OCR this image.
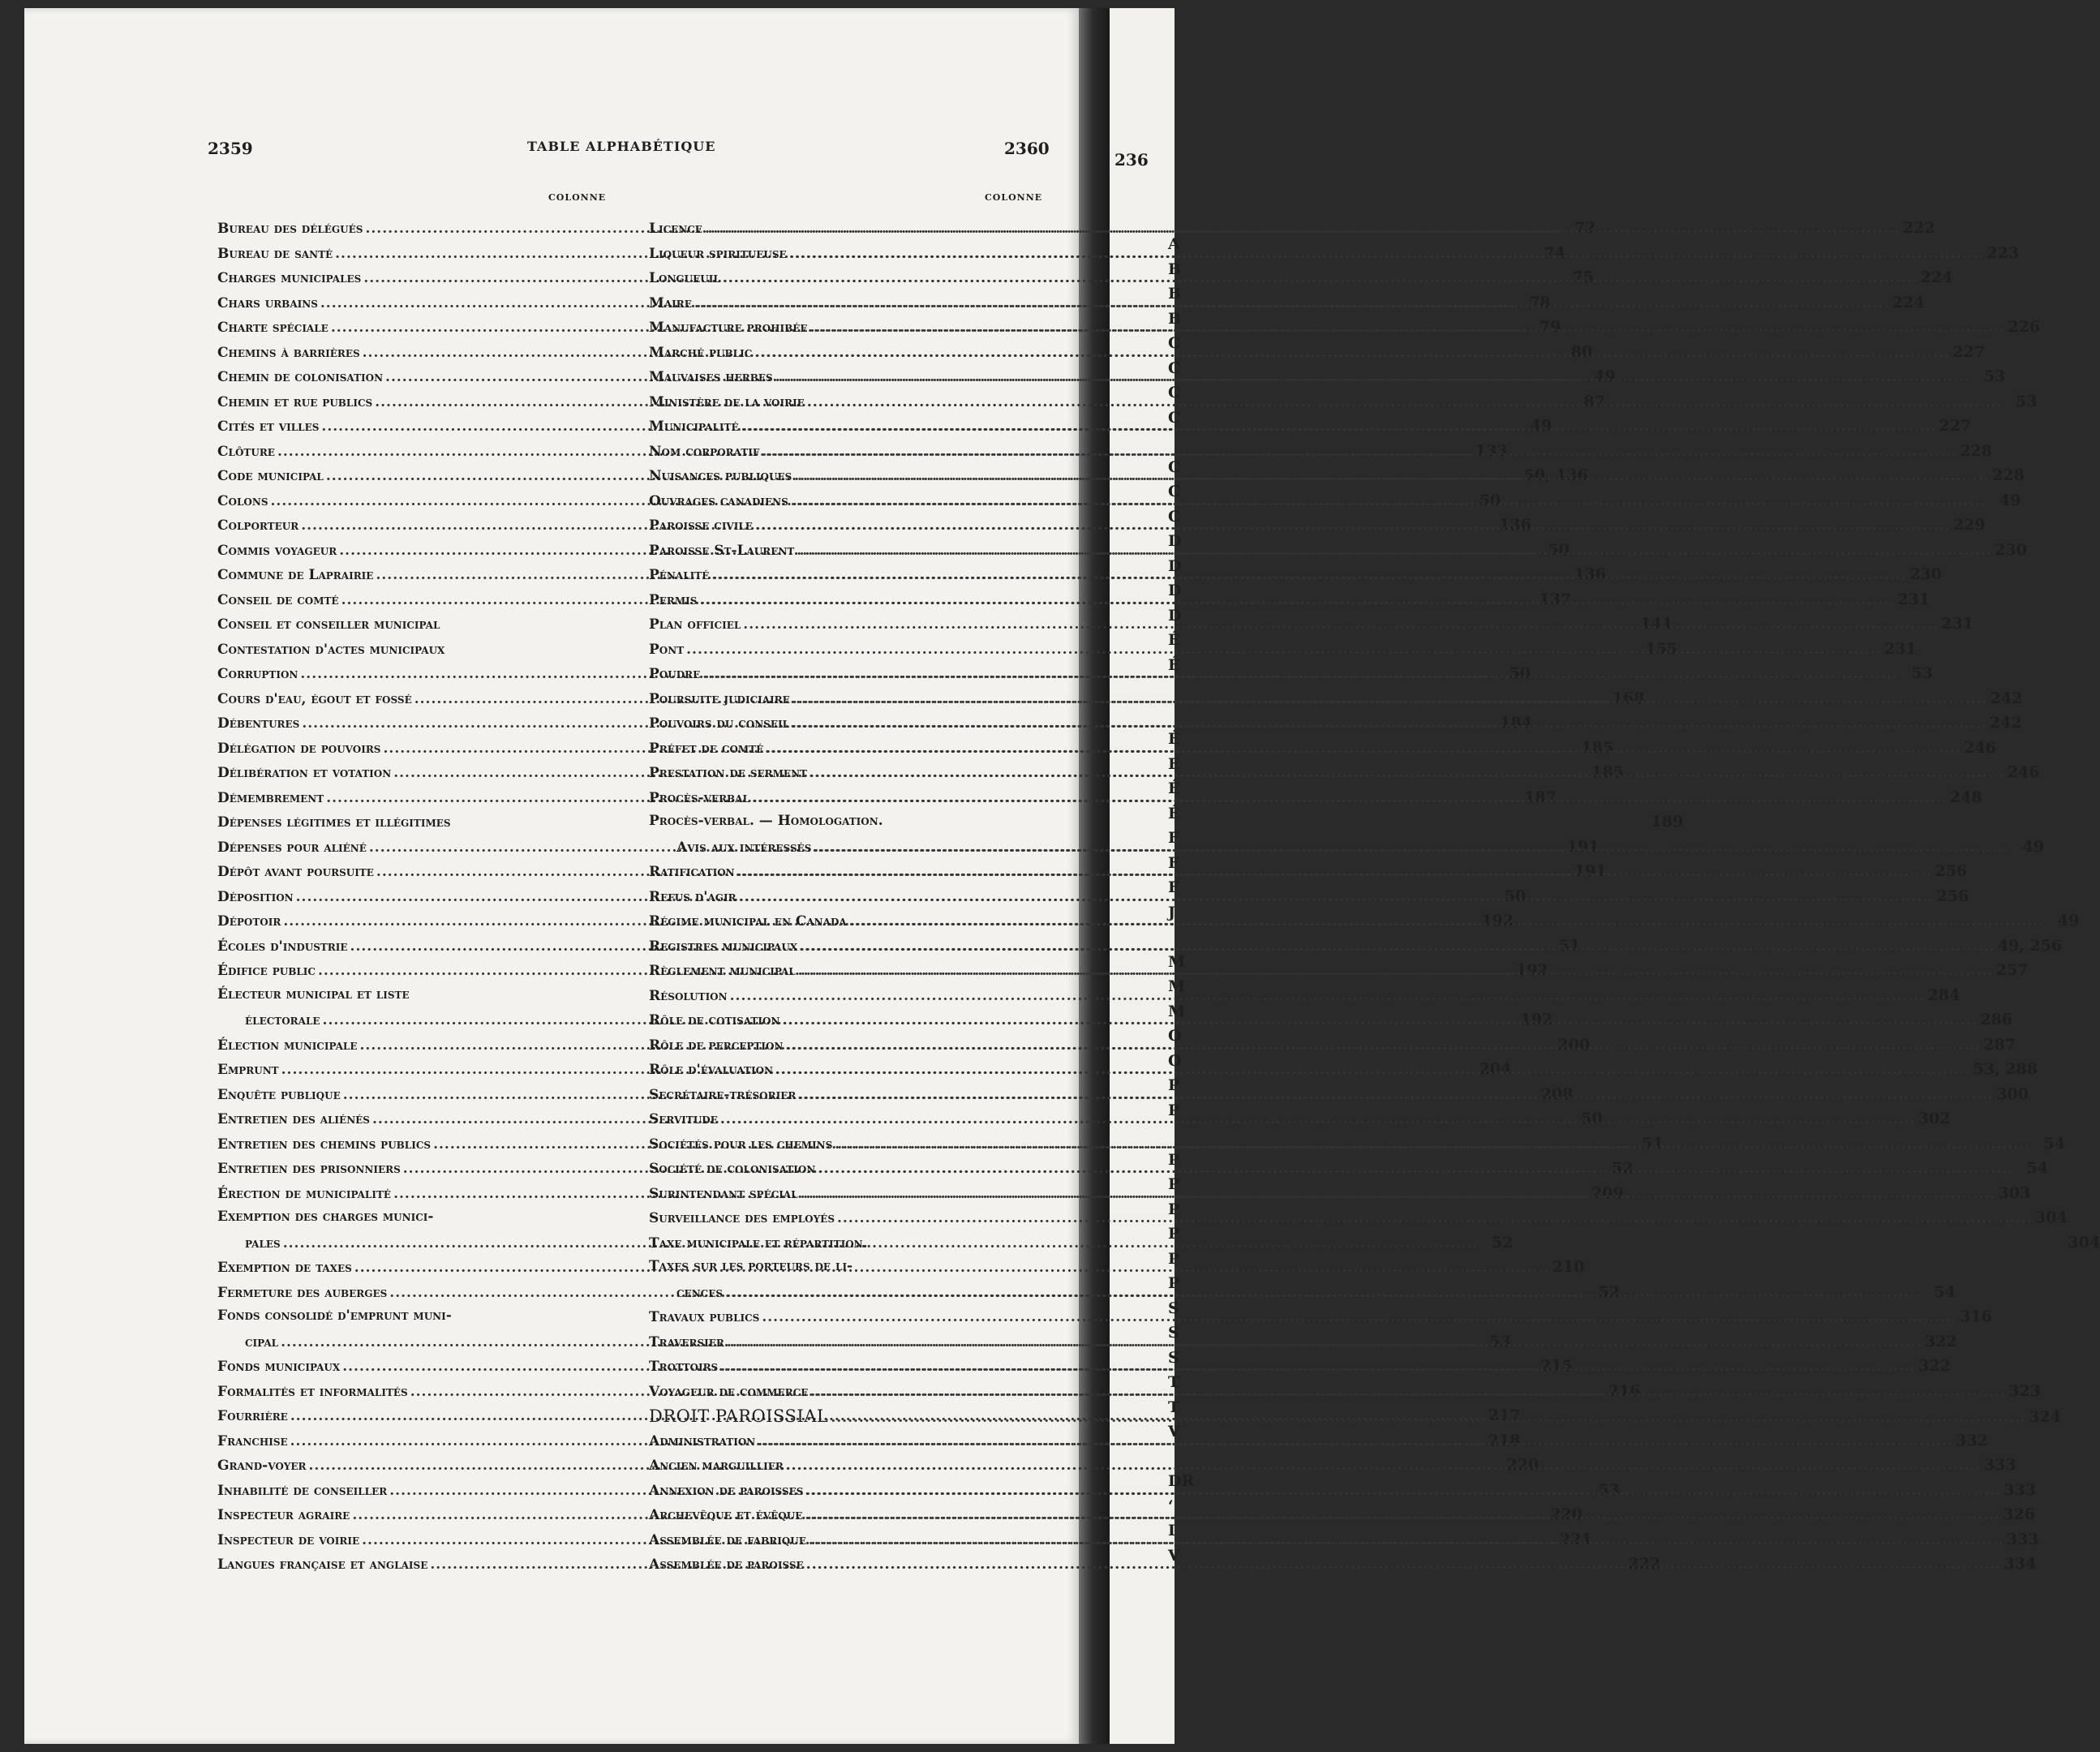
236
A
B
B
B
C
C
C
C
C
C
C
D
D
D
D
É
É
É
E
É
É
F
F
F
J
M
M
M
O
O
P
P
P
P
P
P
P
P
S
S
S
T
T
V
DR
‘
I
V
2359	TABLE ALPHABÉTIQUE	2360
COLONNE	COLONNE
Bureau des délégués .....	72
Bureau de santé .....	74
Charges municipales .....	75
Chars urbains .....	78
Charte spéciale .....	79
Chemins à barrières .....	80
Chemin de colonisation .....	49
Chemin et rue publics .....	87
Cités et villes .....	49
Clôture .....	133
Code municipal .....	50, 136
Colons .....	50
Colporteur .....	136
Commis voyageur .....	50
Commune de Laprairie .....	136
Conseil de comté .....	137
Conseil et conseiller municipal	141
Contestation d'actes municipaux	155
Corruption .....	50
Cours d'eau, égout et fossé .....	168
Débentures .....	184
Délégation de pouvoirs .....	185
Délibération et votation .....	185
Démembrement .....	187
Dépenses légitimes et illégitimes	189
Dépenses pour aliéné .....	191
Dépôt avant poursuite .....	191
Déposition .....	50
Dépotoir .....	192
Écoles d'industrie .....	51
Édifice public .....	192
Électeur municipal et liste
électorale .....	192
Élection municipale .....	200
Emprunt .....	204
Enquête publique .....	208
Entretien des aliénés .....	50
Entretien des chemins publics .....	51
Entretien des prisonniers .....	52
Érection de municipalité .....	209
Exemption des charges munici-
pales .....	52
Exemption de taxes .....	210
Fermeture des auberges .....	52
Fonds consolidé d'emprunt muni-
cipal .....	53
Fonds municipaux .....	215
Formalités et informalités .....	216
Fourrière .....	217
Franchise .....	218
Grand-voyer .....	220
Inhabilité de conseiller .....	53
Inspecteur agraire .....	220
Inspecteur de voirie .....	221
Langues française et anglaise .....	222
Licence .....	222
Liqueur spiritueuse .....	223
Longueuil .....	224
Maire .....	224
Manufacture prohibée .....	226
Marché public .....	227
Mauvaises herbes .....	53
Ministère de la voirie .....	53
Municipalité .....	227
Nom corporatif .....	228
Nuisances publiques .....	228
Ouvrages canadiens .....	49
Paroisse civile .....	229
Paroisse St-Laurent .....	230
Pénalité .....	230
Permis .....	231
Plan officiel .....	231
Pont .....	231
Poudre .....	53
Poursuite judiciaire .....	242
Pouvoirs du conseil .....	242
Préfet de comté .....	246
Prestation de serment .....	246
Procès-verbal .....	248
Procès-verbal. — Homologation.
Avis aux intéressés .....	49
Ratification .....	256
Refus d'agir .....	256
Régime municipal en Canada .....	49
Registres municipaux .....	49, 256
Règlement municipal .....	257
Résolution .....	284
Rôle de cotisation .....	286
Rôle de perception .....	287
Rôle d'évaluation .....	53, 288
Secrétaire-trésorier .....	300
Servitude .....	302
Sociétés pour les chemins .....	54
Société de colonisation .....	54
Surintendant spécial .....	303
Surveillance des employés .....	304
Taxe municipale et répartition.	304
Taxes sur les porteurs de li-
cences .....	54
Travaux publics .....	316
Traversier .....	322
Trottoirs .....	322
Voyageur de commerce .....	323
DROIT PAROISSIAL .....	324
Administration .....	332
Ancien marguillier .....	333
Annexion de paroisses .....	333
Archevêque et évêque .....	326
Assemblée de fabrique .....	333
Assemblée de paroisse .....	334
